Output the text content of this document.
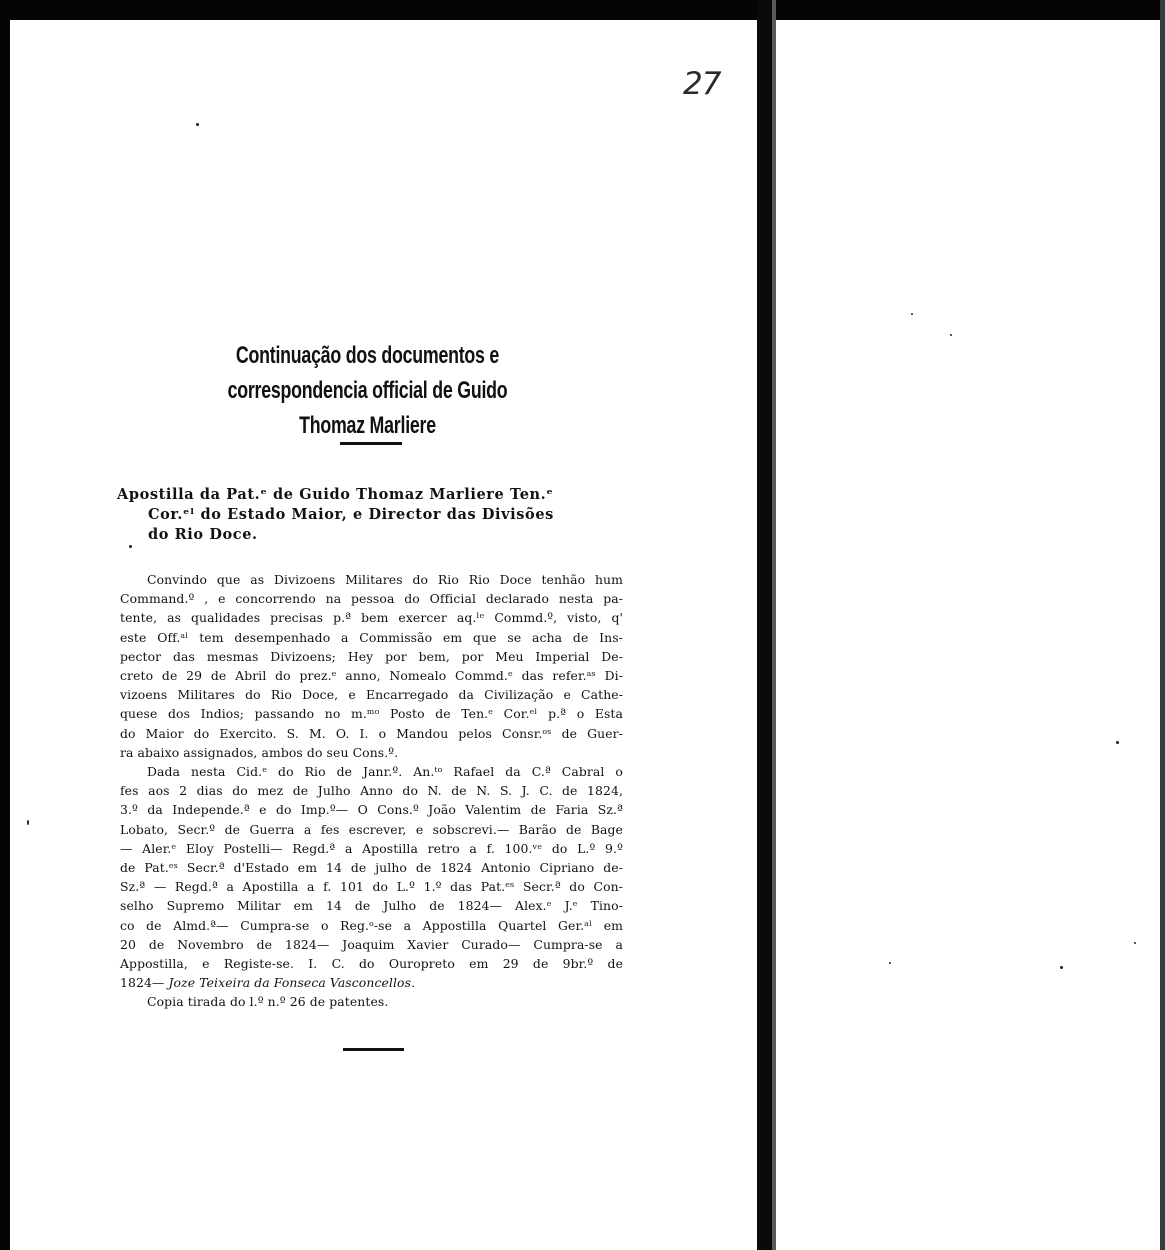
27
Continuação dos documentos e correspondencia official de Guido
Thomaz Marliere
Apostilla da Pat.ᵉ de Guido Thomaz Marliere Ten.ᵉ
Cor.ᵉˡ do Estado Maior, e Director das Divisões
do Rio Doce.
Convindo que as Divizoens Militares do Rio Rio Doce tenhão hum
Command.º , e concorrendo na pessoa do Official declarado nesta pa-
tente, as qualidades precisas p.ª bem exercer aq.ˡᵉ Commd.º, visto, q'
este Off.ᵃˡ tem desempenhado a Commissão em que se acha de Ins-
pector das mesmas Divizoens; Hey por bem, por Meu Imperial De-
creto de 29 de Abril do prez.ᵉ anno, Nomealo Commd.ᵉ das refer.ᵃˢ Di-
vizoens Militares do Rio Doce, e Encarregado da Civilização e Cathe-
quese dos Indios; passando no m.ᵐᵒ Posto de Ten.ᵉ Cor.ᵉˡ p.ª o Esta
do Maior do Exercito. S. M. O. I. o Mandou pelos Consr.ᵒˢ de Guer-
ra abaixo assignados, ambos do seu Cons.º.
Dada nesta Cid.ᵉ do Rio de Janr.º. An.ᵗᵒ Rafael da C.ª Cabral o
fes aos 2 dias do mez de Julho Anno do N. de N. S. J. C. de 1824,
3.º da Independe.ª e do Imp.º— O Cons.º João Valentim de Faria Sz.ª
Lobato, Secr.º de Guerra a fes escrever, e sobscrevi.— Barão de Bage
— Aler.ᵉ Eloy Postelli— Regd.ª a Apostilla retro a f. 100.ᵛᵉ do L.º 9.º
de Pat.ᵉˢ Secr.ª d'Estado em 14 de julho de 1824 Antonio Cipriano de-
Sz.ª — Regd.ª a Apostilla a f. 101 do L.º 1.º das Pat.ᵉˢ Secr.ª do Con-
selho Supremo Militar em 14 de Julho de 1824— Alex.ᵉ J.ᵉ Tino-
co de Almd.ª— Cumpra-se o Reg.ᵒ-se a Appostilla Quartel Ger.ᵃˡ em
20 de Novembro de 1824— Joaquim Xavier Curado— Cumpra-se a
Appostilla, e Registe-se. I. C. do Ouropreto em 29 de 9br.º de
1824— Joze Teixeira da Fonseca Vasconcellos.
Copia tirada do l.º n.º 26 de patentes.
